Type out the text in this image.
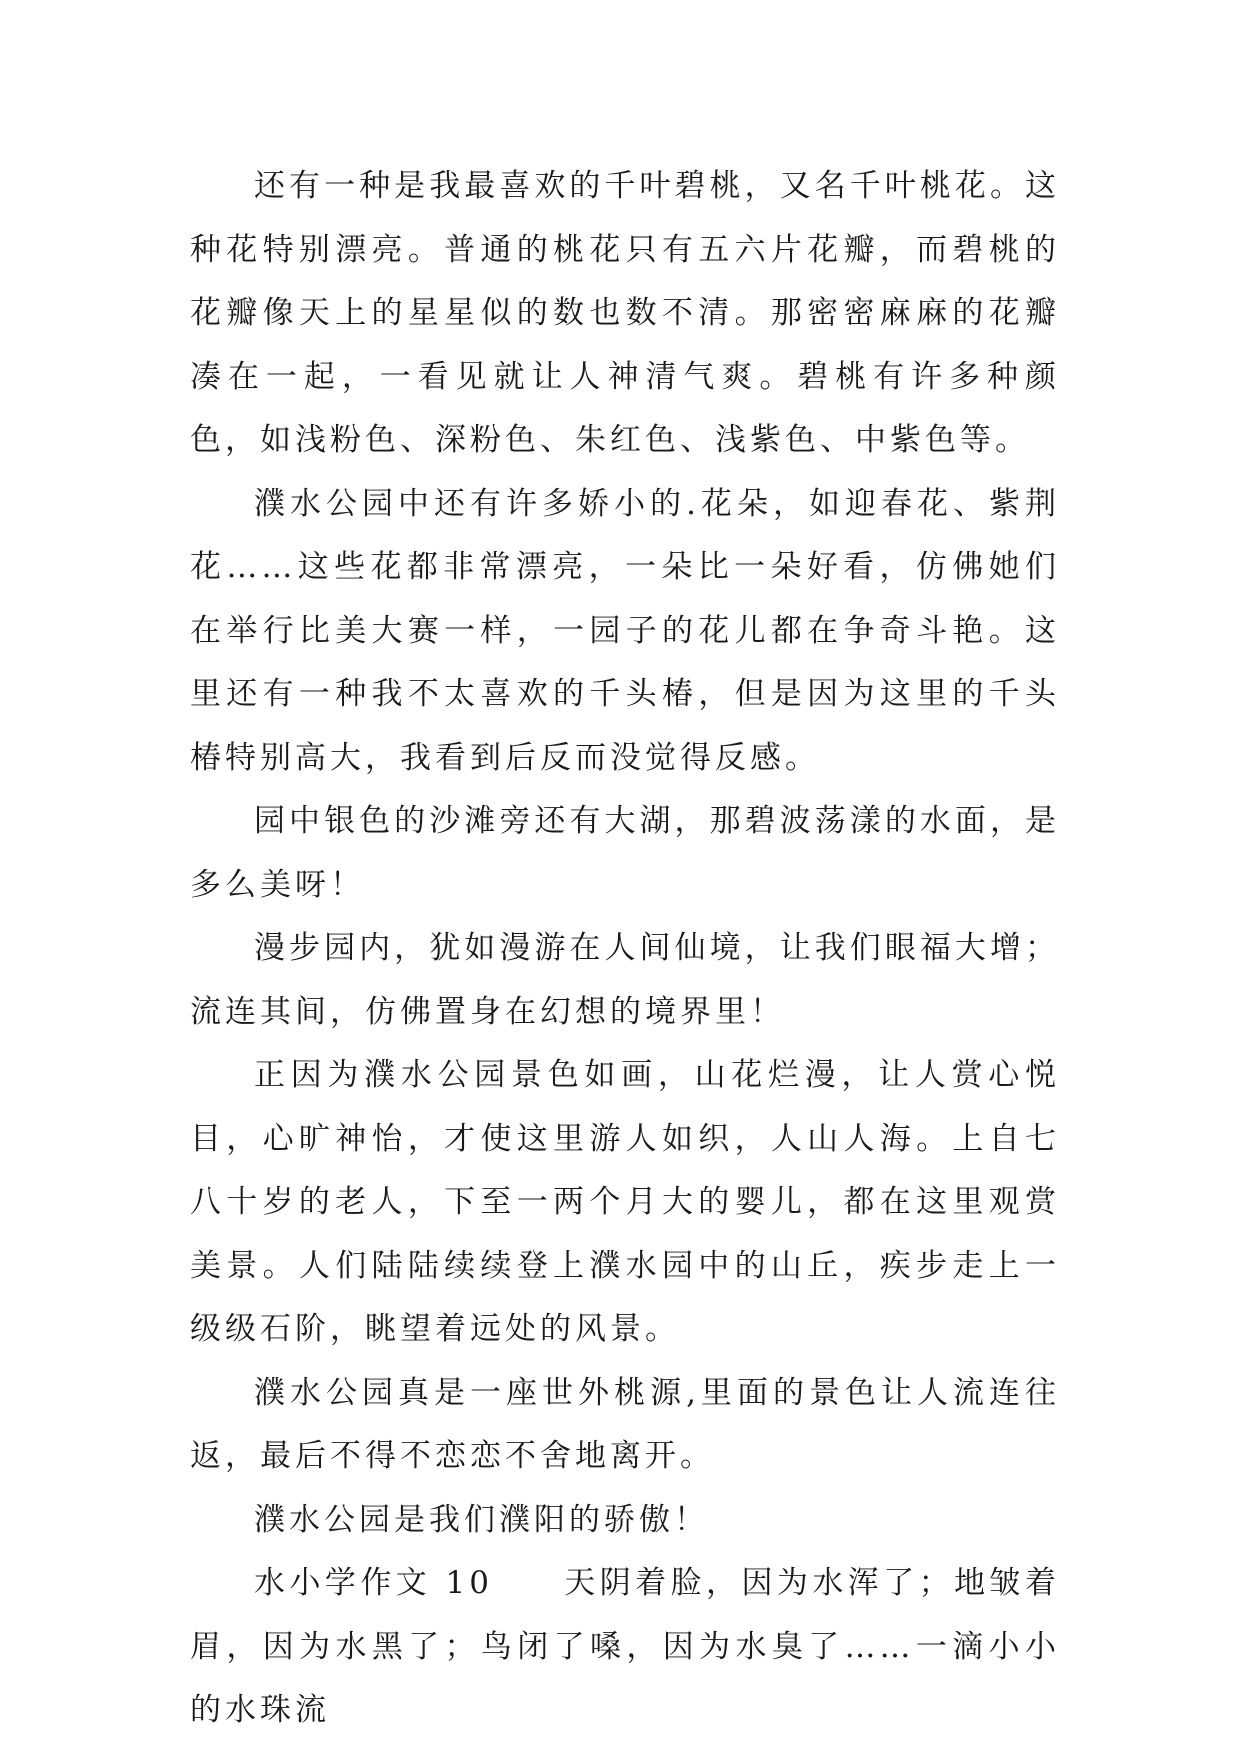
还有一种是我最喜欢的千叶碧桃，又名千叶桃花。这种花特别漂亮。普通的桃花只有五六片花瓣，而碧桃的花瓣像天上的星星似的数也数不清。那密密麻麻的花瓣凑在一起，一看见就让人神清气爽。碧桃有许多种颜色，如浅粉色、深粉色、朱红色、浅紫色、中紫色等。

濮水公园中还有许多娇小的.花朵，如迎春花、紫荆花……这些花都非常漂亮，一朵比一朵好看，仿佛她们在举行比美大赛一样，一园子的花儿都在争奇斗艳。这里还有一种我不太喜欢的千头椿，但是因为这里的千头椿特别高大，我看到后反而没觉得反感。

园中银色的沙滩旁还有大湖，那碧波荡漾的水面，是多么美呀！

漫步园内，犹如漫游在人间仙境，让我们眼福大增；流连其间，仿佛置身在幻想的境界里！

正因为濮水公园景色如画，山花烂漫，让人赏心悦目，心旷神怡，才使这里游人如织，人山人海。上自七八十岁的老人，下至一两个月大的婴儿，都在这里观赏美景。人们陆陆续续登上濮水园中的山丘，疾步走上一级级石阶，眺望着远处的风景。

濮水公园真是一座世外桃源,里面的景色让人流连往返，最后不得不恋恋不舍地离开。

濮水公园是我们濮阳的骄傲！

水小学作文 10　　天阴着脸，因为水浑了；地皱着眉，因为水黑了；鸟闭了嗓，因为水臭了……一滴小小的水珠流
